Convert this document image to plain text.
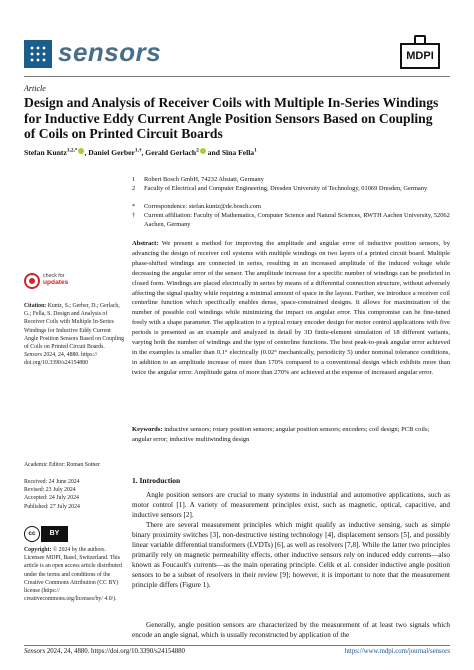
sensors	MDPI
Article
Design and Analysis of Receiver Coils with Multiple In-Series Windings for Inductive Eddy Current Angle Position Sensors Based on Coupling of Coils on Printed Circuit Boards
Stefan Kuntz$^{1,2,*}$ , Daniel Gerber$^{1,\dagger}$, Gerald Gerlach$^2$ and Sina Fella$^1$
1	Robert Bosch GmbH, 74232 Abstatt, Germany
2	Faculty of Electrical and Computer Engineering, Dresden University of Technology, 01069 Dresden, Germany
*	Correspondence: stefan.kuntz@de.bosch.com
†	Current affiliation: Faculty of Mathematics, Computer Science and Natural Sciences, RWTH Aachen University, 52062 Aachen, Germany
Abstract: We present a method for improving the amplitude and angular error of inductive position sensors, by advancing the design of receiver coil systems with multiple windings on two layers of a printed circuit board. Multiple phase-shifted windings are connected in series, resulting in an increased amplitude of the induced voltage while decreasing the angular error of the sensor. The amplitude increase for a specific number of windings can be predicted in closed form. Windings are placed electrically in series by means of a differential connection structure, without adversely affecting the signal quality while requiring a minimal amount of space in the layout. Further, we introduce a receiver coil centerline function which specifically enables dense, space-constrained designs. It allows for maximization of the number of possible coil windings while minimizing the impact on angular error. This compromise can be fine-tuned freely with a shape parameter. The application to a typical rotary encoder design for motor control applications with five periods is presented as an example and analyzed in detail by 3D finite-element simulation of 18 different variants, varying both the number of windings and the type of centerline functions. The best peak-to-peak angular error achieved in the examples is smaller than 0.1° electrically (0.02° mechanically, periodicity 5) under nominal tolerance conditions, in addition to an amplitude increase of more than 170% compared to a conventional design which exhibits more than twice the angular error. Amplitude gains of more than 270% are achieved at the expense of increased angular error.
Keywords: inductive sensors; rotary position sensors; angular position sensors; encoders; coil design; PCB coils; angular error; inductive multiwinding design
check for
updates
Citation: Kuntz, S.; Gerber, D.; Gerlach, G.; Fella, S. Design and Analysis of Receiver Coils with Multiple In-Series Windings for Inductive Eddy Current Angle Position Sensors Based on Coupling of Coils on Printed Circuit Boards. Sensors 2024, 24, 4880. https:// doi.org/10.3390/s24154880
Academic Editor: Roman Sotner
Received: 24 June 2024
Revised: 23 July 2024
Accepted: 24 July 2024
Published: 27 July 2024
cc	BY
Copyright: © 2024 by the authors. Licensee MDPI, Basel, Switzerland. This article is an open access article distributed under the terms and conditions of the Creative Commons Attribution (CC BY) license (https:// creativecommons.org/licenses/by/ 4.0/).
1. Introduction
Angle position sensors are crucial to many systems in industrial and automotive applications, such as motor control [1]. A variety of measurement principles exist, such as magnetic, optical, capacitive, and inductive sensors [2].
There are several measurement principles which might qualify as inductive sensing, such as simple binary proximity switches [3], non-destructive testing technology [4], displacement sensors [5], and possibly linear variable differential transformers (LVDTs) [6], as well as resolvers [7,8]. While the latter two principles primarily rely on magnetic permeability effects, other inductive sensors rely on induced eddy currents—also known as Foucault's currents—as the main operating principle. Celik et al. consider inductive angle position sensors to be a subset of resolvers in their review [9]; however, it is important to note that the measurement principle differs (Figure 1).
Generally, angle position sensors are characterized by the measurement of at least two signals which encode an angle signal, which is usually reconstructed by application of the
Sensors 2024, 24, 4880. https://doi.org/10.3390/s24154880	https://www.mdpi.com/journal/sensors
